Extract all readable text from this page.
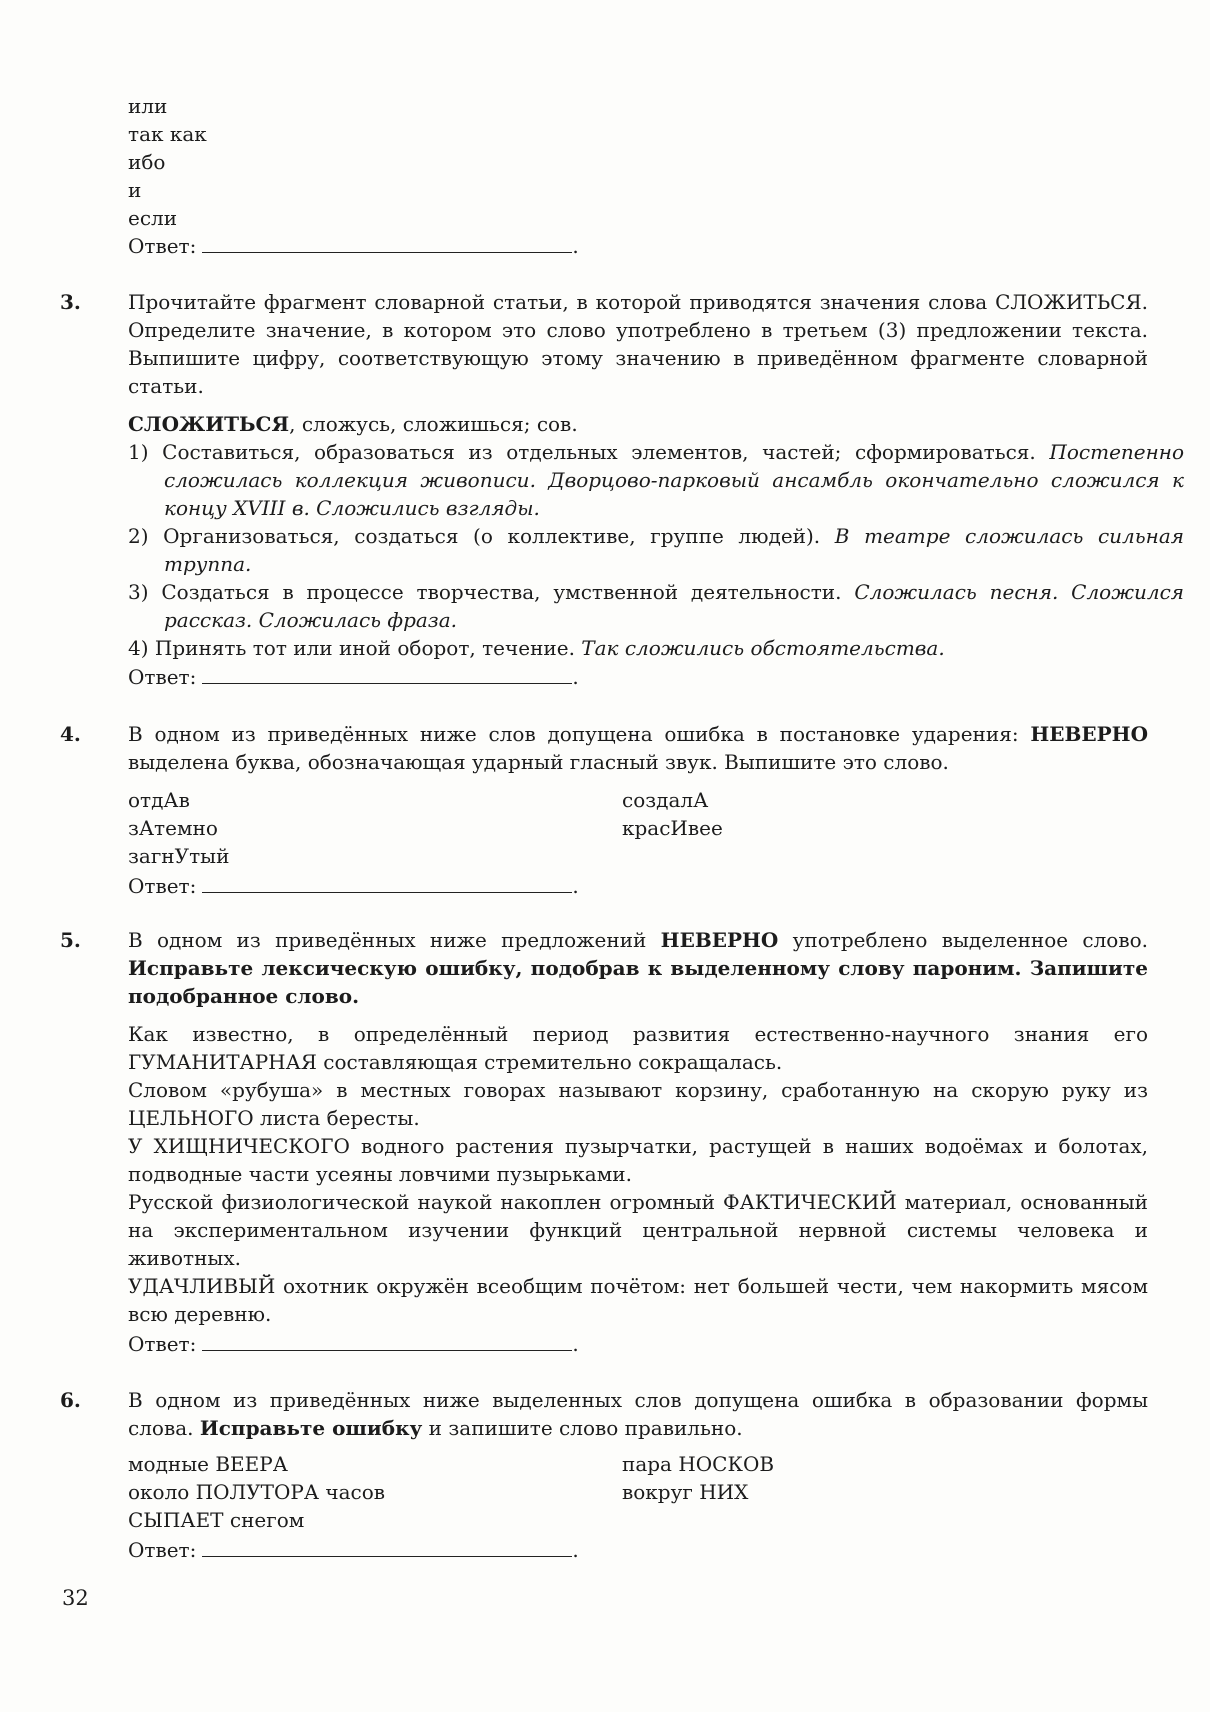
или
так как
ибо
и
если
Ответ:	.
3. Прочитайте фрагмент словарной статьи, в которой приводятся значения слова СЛОЖИТЬСЯ. Определите значение, в котором это слово употреблено в третьем (3) предложении текста. Выпишите цифру, соответствующую этому значению в приведённом фрагменте словарной статьи.
СЛОЖИТЬСЯ, сложусь, сложишься; сов.
1) Составиться, образоваться из отдельных элементов, частей; сформироваться. Постепенно сложилась коллекция живописи. Дворцово-парковый ансамбль окончательно сложился к концу XVIII в. Сложились взгляды.
2) Организоваться, создаться (о коллективе, группе людей). В театре сложилась сильная труппа.
3) Создаться в процессе творчества, умственной деятельности. Сложилась песня. Сложился рассказ. Сложилась фраза.
4) Принять тот или иной оборот, течение. Так сложились обстоятельства.
Ответ:	.
4. В одном из приведённых ниже слов допущена ошибка в постановке ударения: НЕВЕРНО выделена буква, обозначающая ударный гласный звук. Выпишите это слово.
отдАв
зАтемно
загнУтый
создалА
красИвее
Ответ:	.
5. В одном из приведённых ниже предложений НЕВЕРНО употреблено выделенное слово. Исправьте лексическую ошибку, подобрав к выделенному слову пароним. Запишите подобранное слово.
Как известно, в определённый период развития естественно-научного знания его ГУМАНИТАРНАЯ составляющая стремительно сокращалась.
Словом «рубуша» в местных говорах называют корзину, сработанную на скорую руку из ЦЕЛЬНОГО листа бересты.
У ХИЩНИЧЕСКОГО водного растения пузырчатки, растущей в наших водоёмах и болотах, подводные части усеяны ловчими пузырьками.
Русской физиологической наукой накоплен огромный ФАКТИЧЕСКИЙ материал, основанный на экспериментальном изучении функций центральной нервной системы человека и животных.
УДАЧЛИВЫЙ охотник окружён всеобщим почётом: нет большей чести, чем накормить мясом всю деревню.
Ответ:	.
6. В одном из приведённых ниже выделенных слов допущена ошибка в образовании формы слова. Исправьте ошибку и запишите слово правильно.
модные ВЕЕРА
около ПОЛУТОРА часов
СЫПАЕТ снегом
пара НОСКОВ
вокруг НИХ
Ответ:	.
32
